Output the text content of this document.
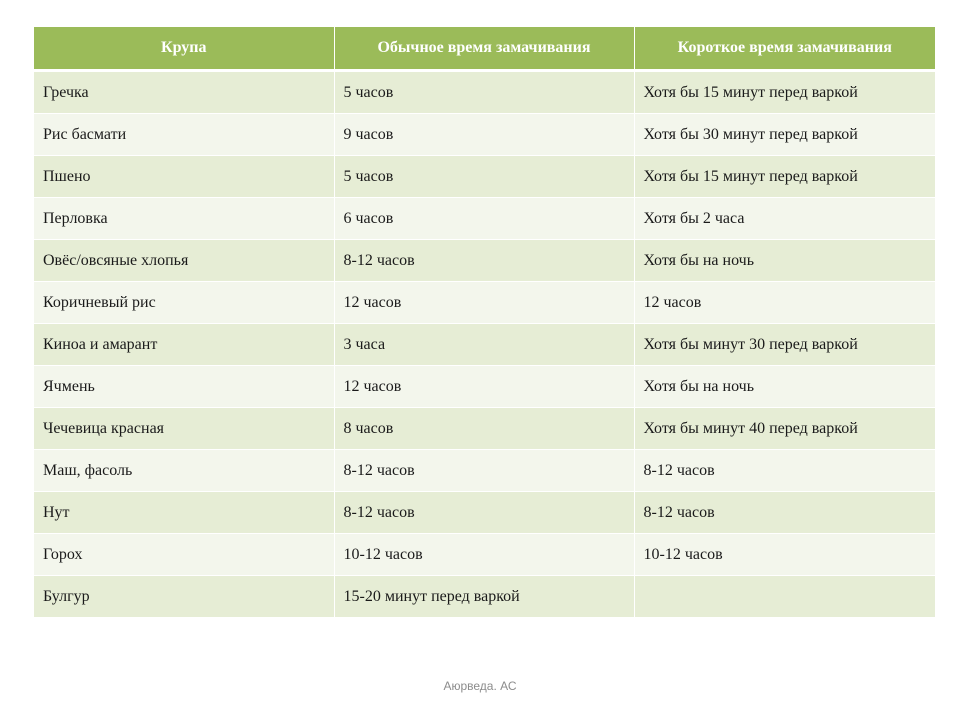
Крупа	Обычное время замачивания	Короткое время замачивания
Гречка	5 часов	Хотя бы 15 минут перед варкой
Рис басмати	9 часов	Хотя бы 30 минут перед варкой
Пшено	5 часов	Хотя бы 15 минут перед варкой
Перловка	6 часов	Хотя бы 2 часа
Овёс/овсяные хлопья	8-12 часов	Хотя бы на ночь
Коричневый рис	12 часов	12 часов
Киноа и амарант	3 часа	Хотя бы минут 30 перед варкой
Ячмень	12 часов	Хотя бы на ночь
Чечевица красная	8 часов	Хотя бы минут 40 перед варкой
Маш, фасоль	8-12 часов	8-12 часов
Нут	8-12 часов	8-12 часов
Горох	10-12 часов	10-12 часов
Булгур	15-20 минут перед варкой	
Аюрведа. АС
